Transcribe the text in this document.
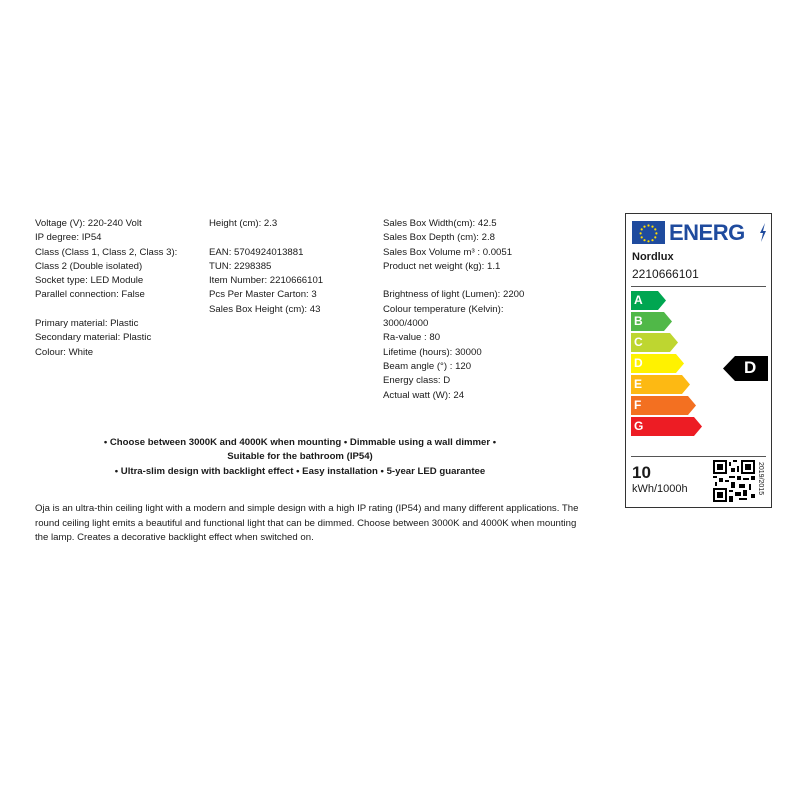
Voltage (V): 220-240 Volt
IP degree: IP54
Class (Class 1, Class 2, Class 3):
Class 2 (Double isolated)
Socket type: LED Module
Parallel connection: False
Primary material: Plastic
Secondary material: Plastic
Colour: White
Height (cm): 2.3
EAN: 5704924013881
TUN: 2298385
Item Number: 2210666101
Pcs Per Master Carton: 3
Sales Box Height (cm): 43
Sales Box Width(cm): 42.5
Sales Box Depth (cm): 2.8
Sales Box Volume m³ : 0.0051
Product net weight (kg): 1.1
Brightness of light (Lumen): 2200
Colour temperature (Kelvin):
3000/4000
Ra-value : 80
Lifetime (hours): 30000
Beam angle (°) : 120
Energy class: D
Actual watt (W): 24
• Choose between 3000K and 4000K when mounting • Dimmable using a wall dimmer •
Suitable for the bathroom (IP54)
• Ultra-slim design with backlight effect • Easy installation • 5-year LED guarantee
Oja is an ultra-thin ceiling light with a modern and simple design with a high IP rating (IP54) and many different applications. The round ceiling light emits a beautiful and functional light that can be dimmed. Choose between 3000K and 4000K when mounting the lamp. Creates a decorative backlight effect when switched on.
ENERG
Nordlux
2210666101
A
B
C
D
E
F
G
D
10
kWh/1000h	2019/2015
